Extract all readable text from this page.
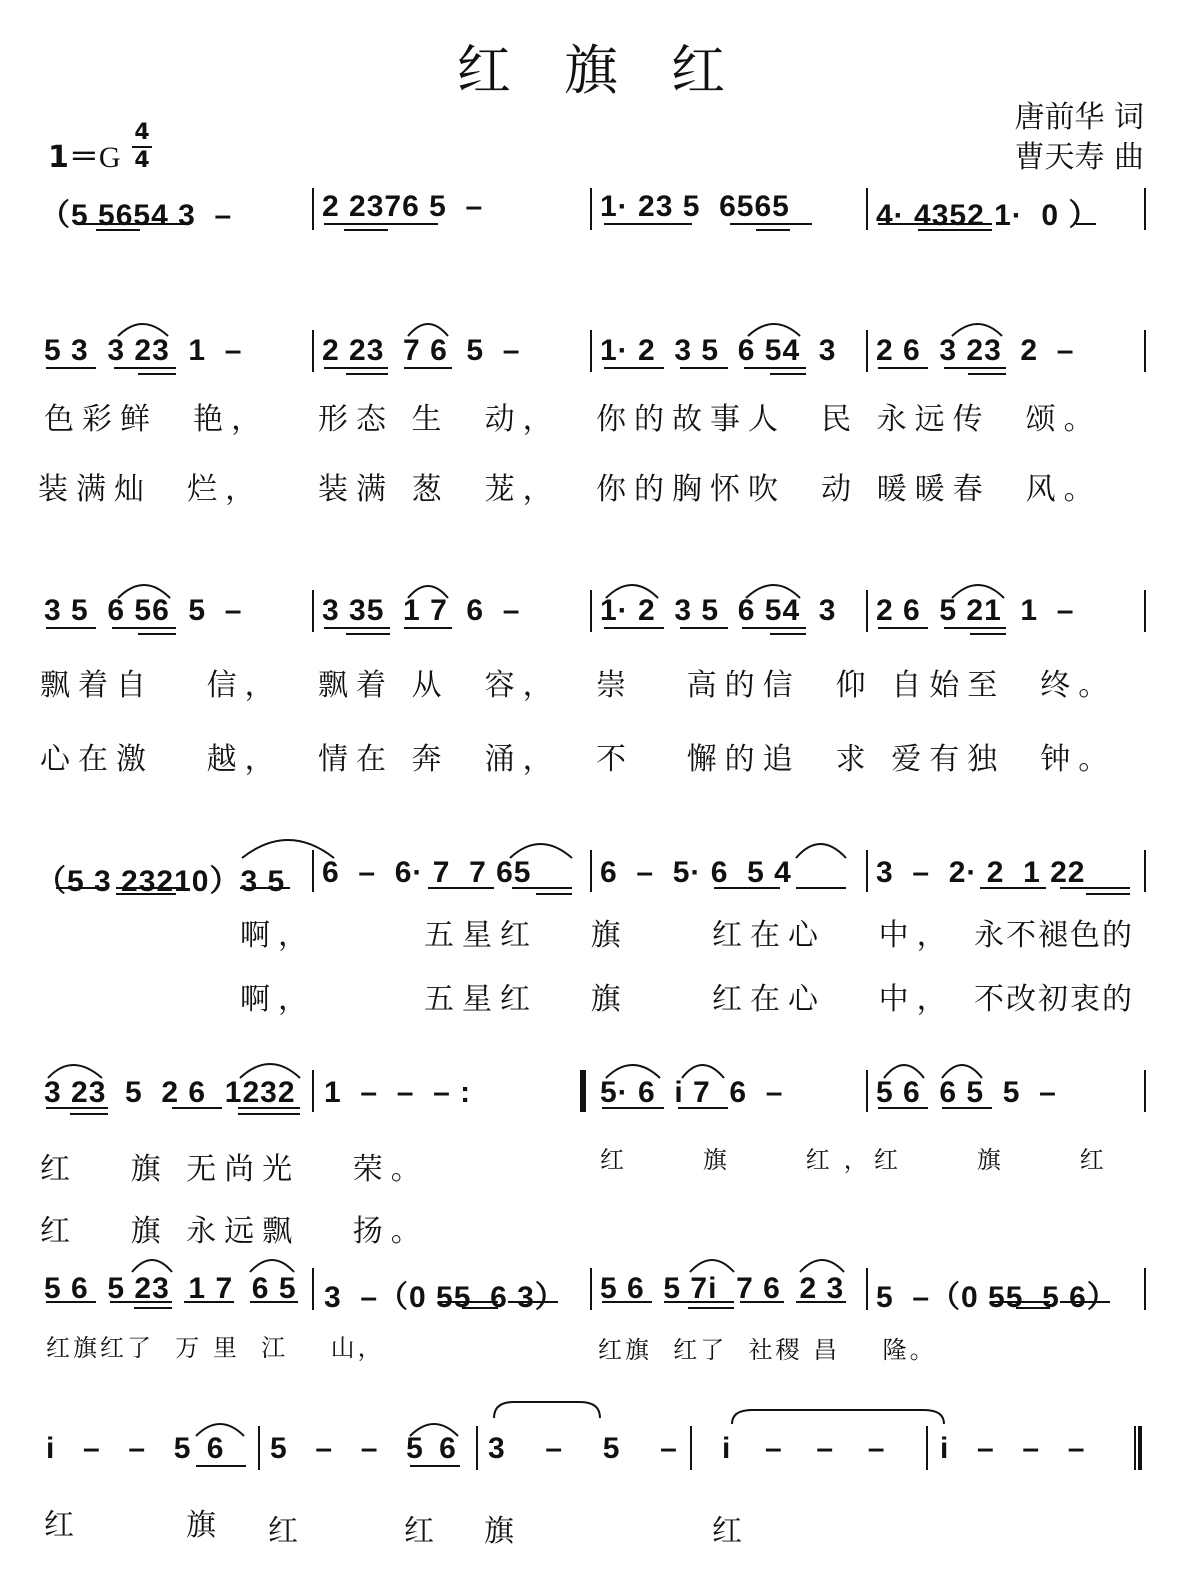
红 旗 红
唐前华 词
曹天寿 曲
1＝G
4
4
（5 5654 3  –	2 2376 5  –	1· 23 5  6565	4· 4352 1·  0 ）
5 3  3 23  1  –	2 23  7 6  5  –	1· 2  3 5  6 54  3 2 6  3 23  2  –
色彩鲜  艳， 形态 生  动， 你的故事人  民 永远传  颂。
装满灿  烂， 装满 葱  茏， 你的胸怀吹  动 暖暖春  风。
3 5  6 56  5  –	3 35  1 7  6  –	1· 2  3 5  6 54  3 2 6  5 21  1  –
飘着自   信， 飘着 从  容， 崇   高的信  仰 自始至  终。
心在激   越， 情在 奔  涌， 不   懈的追  求 爱有独  钟。
（5 3 23210）3 5 6  –  6· 7  7 65 6  –  5· 6  5 4	3  –  2· 2  1 22
啊，	五星红   旗	红在心   中， 永不褪色的
啊，	五星红   旗	红在心   中， 不改初衷的
3 23  5  2 6  1232 1  –  –  – :	5· 6  i 7  6  –	5 6  6 5  5  –
红   旗 无尚光   荣。	红   旗   红，
红   旗   红
红   旗 永远飘   扬。
5 6  5 23  1 7  6 5 3  –（0 55  6 3） 5 6  5 7i  7 6  2 3 5  –（0 55  5 6）
红旗红了  万 里  江    山，	红旗  红了  社稷 昌    隆。
i  –  –  5 6 5  –  –  5 6 3  –  5  – i  –  –  – i  –  –  –
红	旗 红	红 旗	红
